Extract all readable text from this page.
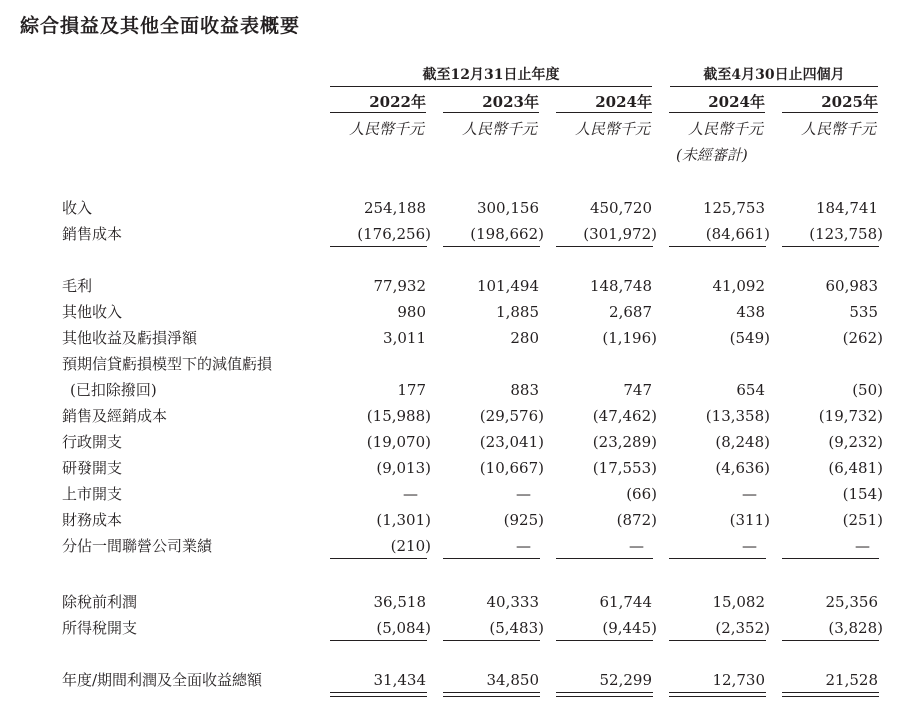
綜合損益及其他全面收益表概要
截至12月31日止年度	截至4月30日止四個月
2022年	2023年	2024年	2024年	2025年
人民幣千元	人民幣千元	人民幣千元	人民幣千元	人民幣千元
(未經審計)
收入	254,188	300,156	450,720	125,753	184,741
銷售成本	(176,256)	(198,662)	(301,972)	(84,661)	(123,758)
毛利	77,932	101,494	148,748	41,092	60,983
其他收入	980	1,885	2,687	438	535
其他收益及虧損淨額	3,011	280	(1,196)	(549)	(262)
預期信貸虧損模型下的減值虧損
(已扣除撥回)	177	883	747	654	(50)
銷售及經銷成本	(15,988)	(29,576)	(47,462)	(13,358)	(19,732)
行政開支	(19,070)	(23,041)	(23,289)	(8,248)	(9,232)
研發開支	(9,013)	(10,667)	(17,553)	(4,636)	(6,481)
上市開支	—	—	(66)	—	(154)
財務成本	(1,301)	(925)	(872)	(311)	(251)
分佔一間聯營公司業績	(210)	—	—	—	—
除稅前利潤	36,518	40,333	61,744	15,082	25,356
所得稅開支	(5,084)	(5,483)	(9,445)	(2,352)	(3,828)
年度/期間利潤及全面收益總額	31,434	34,850	52,299	12,730	21,528
